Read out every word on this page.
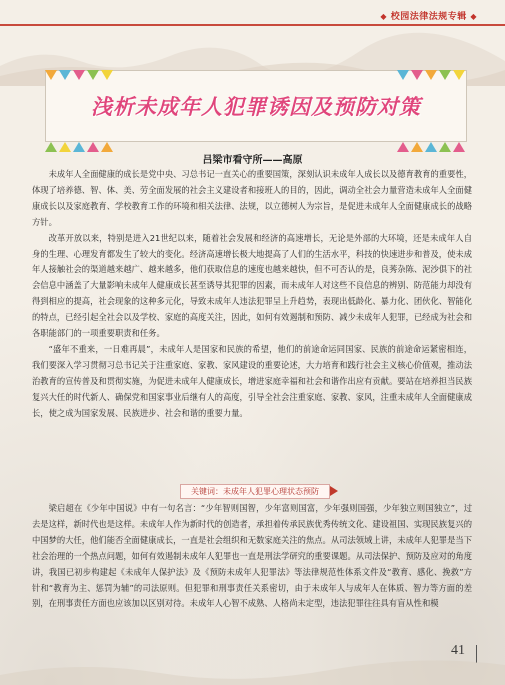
◆ 校园法律法规专辑 ◆
浅析未成年人犯罪诱因及预防对策
吕梁市看守所——高原

未成年人全面健康的成长是党中央、习总书记一直关心的重要国策，深刻认识未成年人成长以及德育教育的重要性，体现了培养德、智、体、美、劳全面发展的社会主义建设者和接班人的目的，因此，调动全社会力量营造未成年人全面健康成长以及家庭教育、学校教育工作的环境和相关法律、法规，以立德树人为宗旨，是促进未成年人全面健康成长的战略方针。

改革开放以来，特别是进入21世纪以来，随着社会发展和经济的高速增长，无论是外部的大环境，还是未成年人自身的生理、心理发育都发生了较大的变化。经济高速增长极大地提高了人们的生活水平，科技的快速进步和普及，使未成年人接触社会的渠道越来越广、越来越多，他们获取信息的速度也越来越快，但不可否认的是，良莠杂陈、泥沙俱下的社会信息中涵盖了大量影响未成年人健康成长甚至诱导其犯罪的因素，而未成年人对这些不良信息的辨别、防范能力却没有得到相应的提高，社会现象的这种多元化，导致未成年人违法犯罪呈上升趋势，表现出低龄化、暴力化、团伙化、智能化的特点，已经引起全社会以及学校、家庭的高度关注，因此，如何有效遏制和预防、减少未成年人犯罪，已经成为社会和各职能部门的一项重要职责和任务。

“盛年不重来，一日难再晨”，未成年人是国家和民族的希望，他们的前途命运同国家、民族的前途命运紧密相连，我们要深入学习贯彻习总书记关于注重家庭、家教、家风建设的重要论述，大力培育和践行社会主义核心价值观，推动法治教育的宣传普及和贯彻实施，为促进未成年人健康成长，增进家庭幸福和社会和谐作出应有贡献。要站在培养担当民族复兴大任的时代新人、确保党和国家事业后继有人的高度，引导全社会注重家庭、家教、家风，注重未成年人全面健康成长，使之成为国家发展、民族进步、社会和谐的重要力量。

关键词：未成年人犯罪心理状态预防

梁启超在《少年中国说》中有一句名言：“少年智则国智，少年富则国富，少年强则国强，少年独立则国独立”，过去是这样，新时代也是这样。未成年人作为新时代的创造者，承担着传承民族优秀传统文化、建设祖国、实现民族复兴的中国梦的大任，他们能否全面健康成长，一直是社会组织和无数家庭关注的焦点。从司法领域上讲，未成年人犯罪是当下社会治理的一个热点问题，如何有效遏制未成年人犯罪也一直是刑法学研究的重要课题。从司法保护、预防及应对的角度讲，我国已初步构建起《未成年人保护法》及《预防未成年人犯罪法》等法律规范性体系文件及“教育、感化、挽救”方针和“教育为主、惩罚为辅”的司法原则。但犯罪和刑事责任关系密切，由于未成年人与成年人在体质、智力等方面的差别，在刑事责任方面也应该加以区别对待。未成年人心智不成熟、人格尚未定型，违法犯罪往往具有盲从性和模

41
